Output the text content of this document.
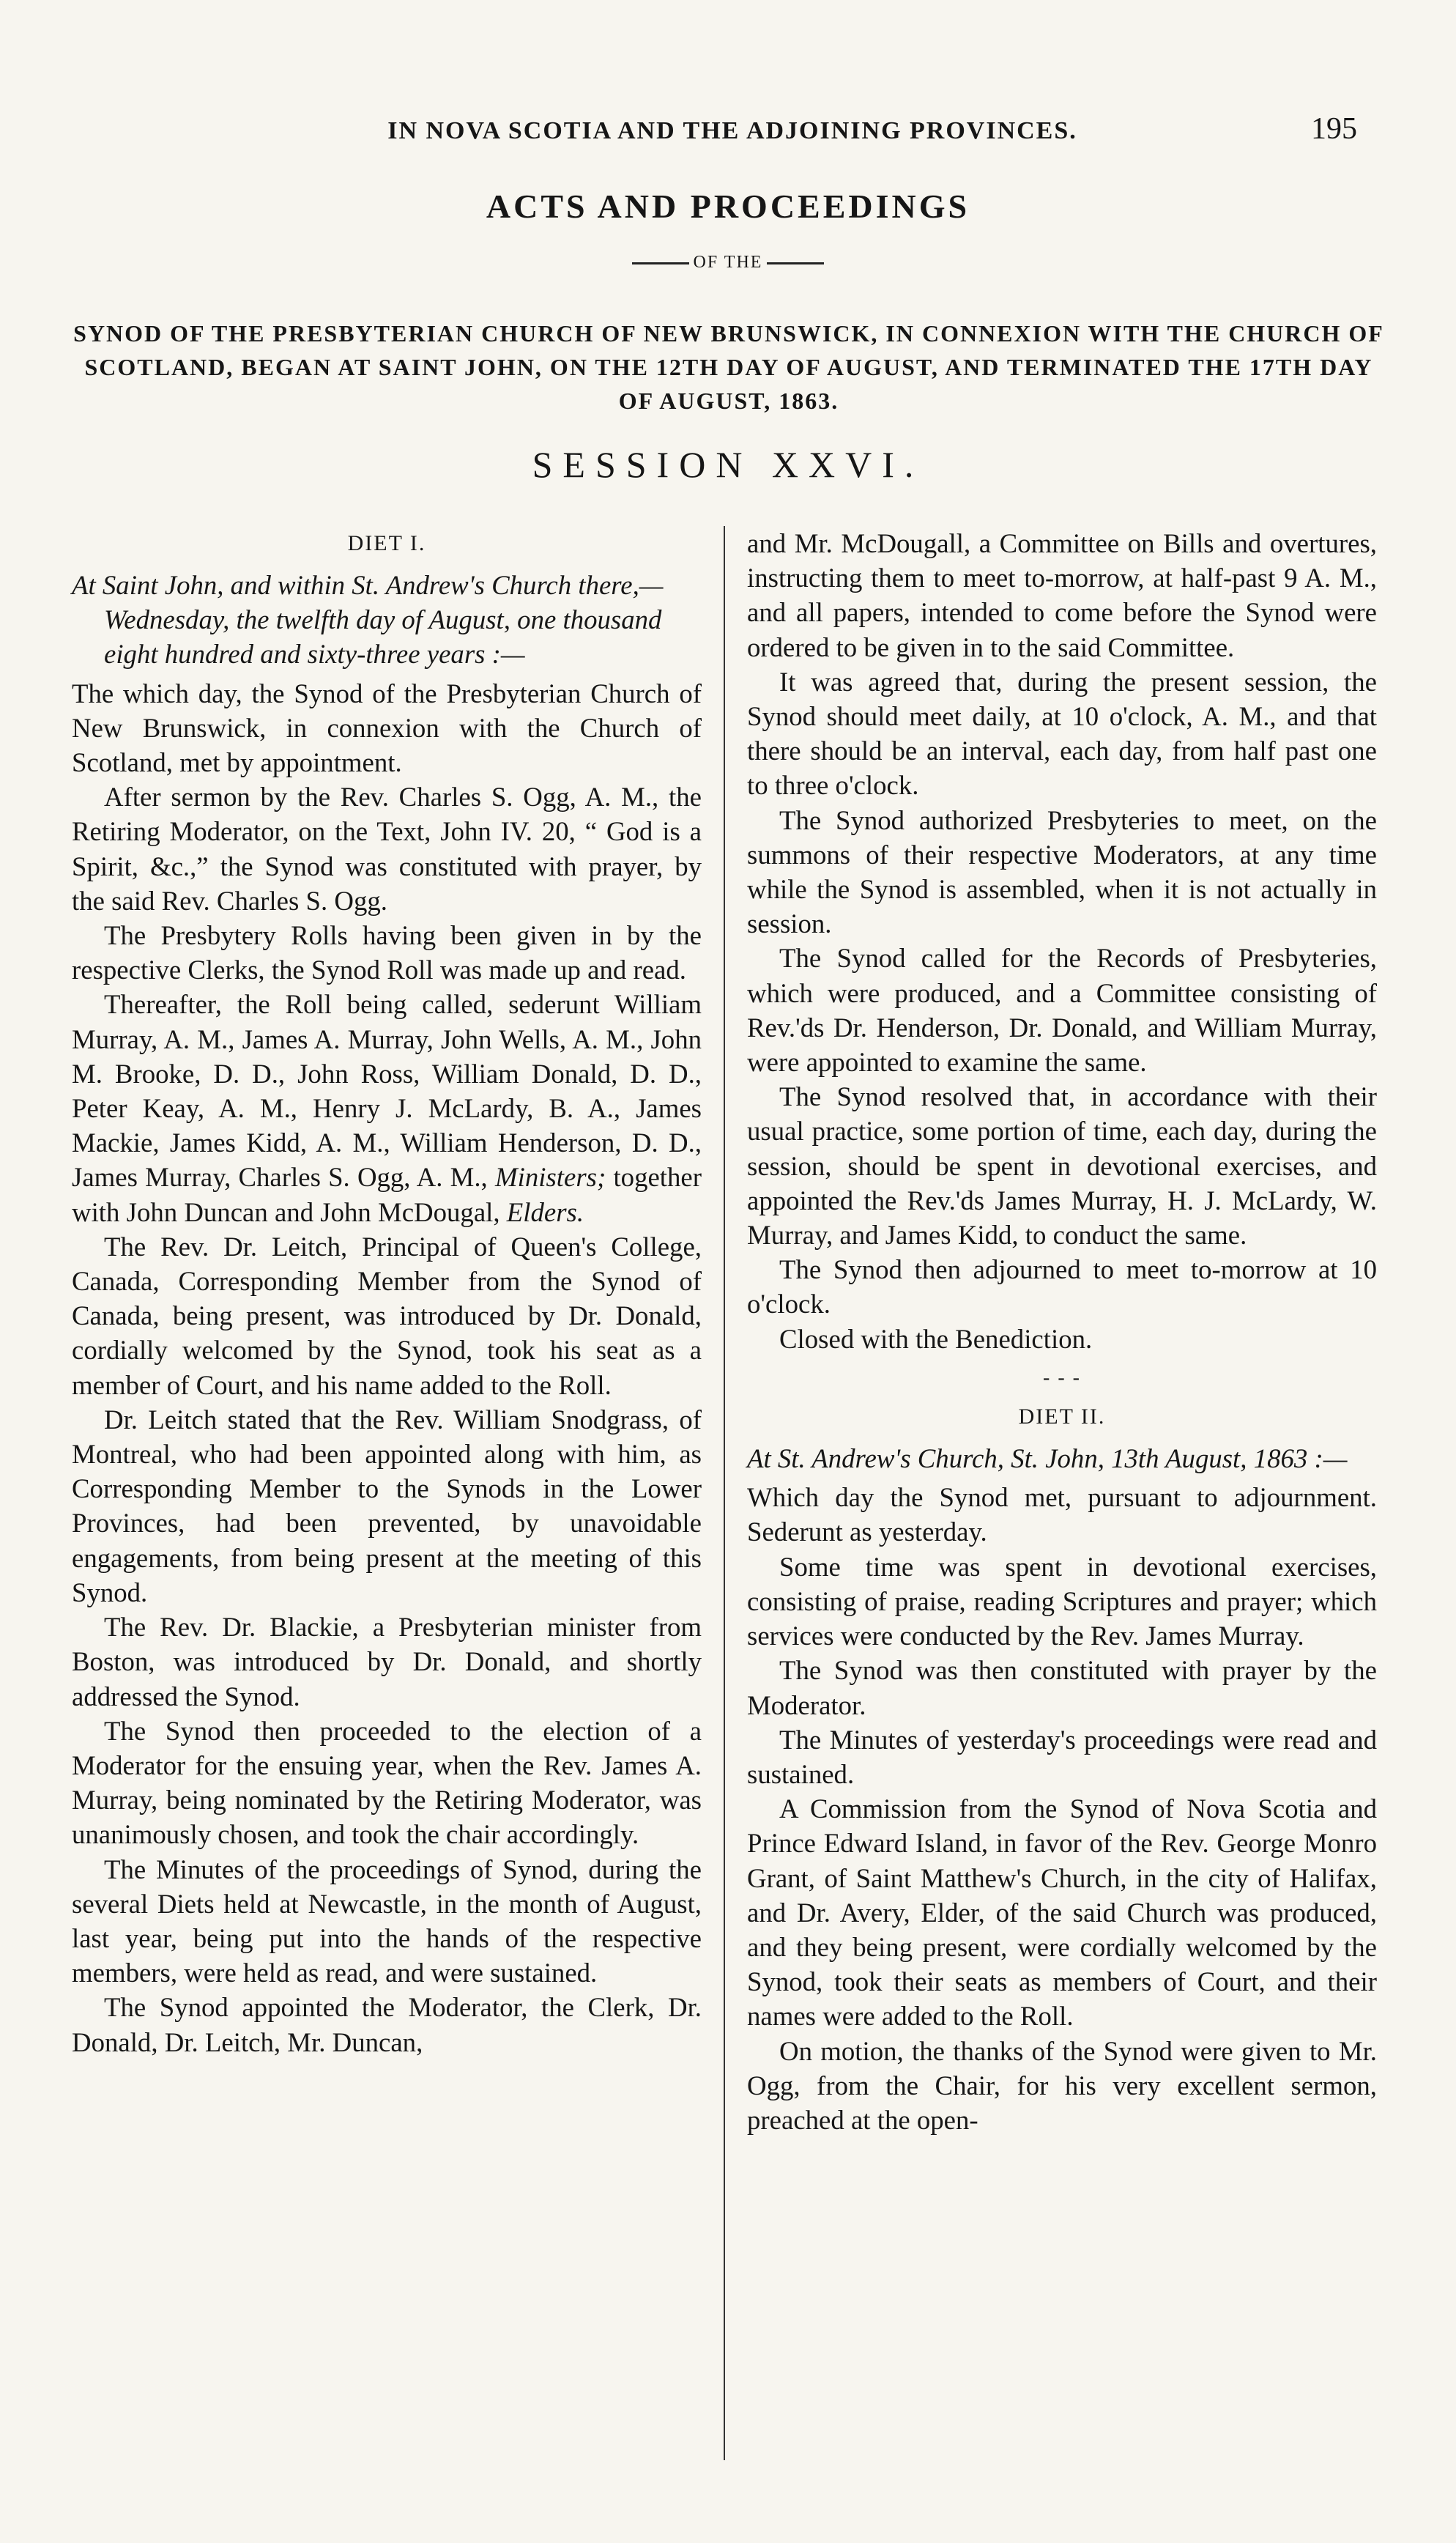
IN NOVA SCOTIA AND THE ADJOINING PROVINCES.	195
ACTS AND PROCEEDINGS
OF THE
SYNOD OF THE PRESBYTERIAN CHURCH OF NEW BRUNSWICK, IN CONNEXION WITH THE CHURCH OF SCOTLAND, BEGAN AT SAINT JOHN, ON THE 12TH DAY OF AUGUST, AND TERMINATED THE 17TH DAY OF AUGUST, 1863.
SESSION XXVI.
DIET I.
At Saint John, and within St. Andrew's Church there,—Wednesday, the twelfth day of August, one thousand eight hundred and sixty-three years :—

The which day, the Synod of the Presbyterian Church of New Brunswick, in connexion with the Church of Scotland, met by appointment.

After sermon by the Rev. Charles S. Ogg, A. M., the Retiring Moderator, on the Text, John IV. 20, “ God is a Spirit, &c.,” the Synod was constituted with prayer, by the said Rev. Charles S. Ogg.

The Presbytery Rolls having been given in by the respective Clerks, the Synod Roll was made up and read.

Thereafter, the Roll being called, sederunt William Murray, A. M., James A. Murray, John Wells, A. M., John M. Brooke, D. D., John Ross, William Donald, D. D., Peter Keay, A. M., Henry J. McLardy, B. A., James Mackie, James Kidd, A. M., William Henderson, D. D., James Murray, Charles S. Ogg, A. M., Ministers; together with John Duncan and John McDougal, Elders.

The Rev. Dr. Leitch, Principal of Queen's College, Canada, Corresponding Member from the Synod of Canada, being present, was introduced by Dr. Donald, cordially welcomed by the Synod, took his seat as a member of Court, and his name added to the Roll.

Dr. Leitch stated that the Rev. William Snodgrass, of Montreal, who had been appointed along with him, as Corresponding Member to the Synods in the Lower Provinces, had been prevented, by unavoidable engagements, from being present at the meeting of this Synod.

The Rev. Dr. Blackie, a Presbyterian minister from Boston, was introduced by Dr. Donald, and shortly addressed the Synod.

The Synod then proceeded to the election of a Moderator for the ensuing year, when the Rev. James A. Murray, being nominated by the Retiring Moderator, was unanimously chosen, and took the chair accordingly.

The Minutes of the proceedings of Synod, during the several Diets held at Newcastle, in the month of August, last year, being put into the hands of the respective members, were held as read, and were sustained.

The Synod appointed the Moderator, the Clerk, Dr. Donald, Dr. Leitch, Mr. Duncan,

and Mr. McDougall, a Committee on Bills and overtures, instructing them to meet to-morrow, at half-past 9 A. M., and all papers, intended to come before the Synod were ordered to be given in to the said Committee.

It was agreed that, during the present session, the Synod should meet daily, at 10 o'clock, A. M., and that there should be an interval, each day, from half past one to three o'clock.

The Synod authorized Presbyteries to meet, on the summons of their respective Moderators, at any time while the Synod is assembled, when it is not actually in session.

The Synod called for the Records of Presbyteries, which were produced, and a Committee consisting of Rev.'ds Dr. Henderson, Dr. Donald, and William Murray, were appointed to examine the same.

The Synod resolved that, in accordance with their usual practice, some portion of time, each day, during the session, should be spent in devotional exercises, and appointed the Rev.'ds James Murray, H. J. McLardy, W. Murray, and James Kidd, to conduct the same.

The Synod then adjourned to meet to-morrow at 10 o'clock.

Closed with the Benediction.

- - -
DIET II.
At St. Andrew's Church, St. John, 13th August, 1863 :—

Which day the Synod met, pursuant to adjournment. Sederunt as yesterday.

Some time was spent in devotional exercises, consisting of praise, reading Scriptures and prayer; which services were conducted by the Rev. James Murray.

The Synod was then constituted with prayer by the Moderator.

The Minutes of yesterday's proceedings were read and sustained.

A Commission from the Synod of Nova Scotia and Prince Edward Island, in favor of the Rev. George Monro Grant, of Saint Matthew's Church, in the city of Halifax, and Dr. Avery, Elder, of the said Church was produced, and they being present, were cordially welcomed by the Synod, took their seats as members of Court, and their names were added to the Roll.

On motion, the thanks of the Synod were given to Mr. Ogg, from the Chair, for his very excellent sermon, preached at the open-
